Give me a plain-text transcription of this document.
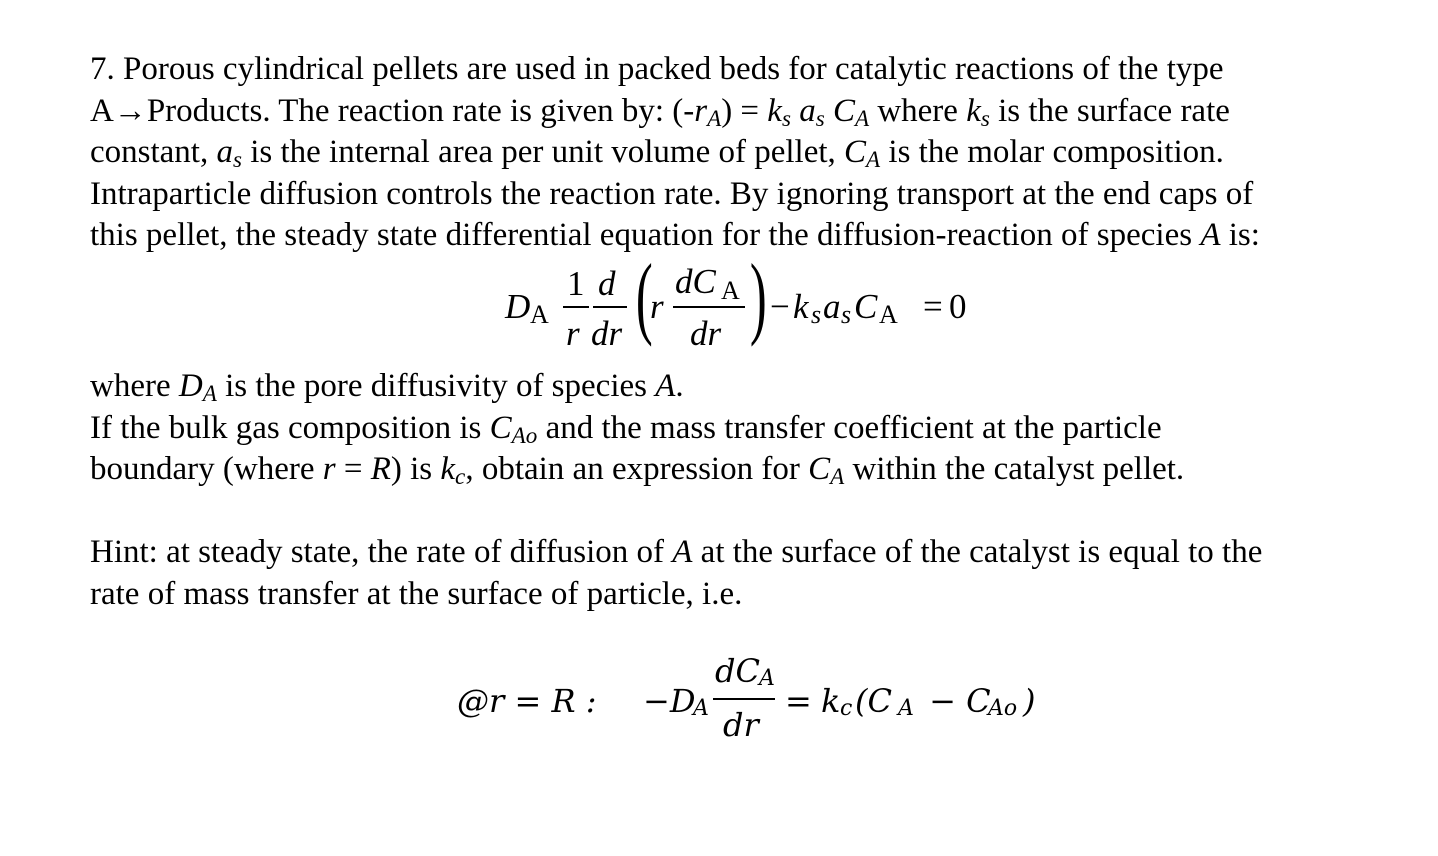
7. Porous cylindrical pellets are used in packed beds for catalytic reactions of the type
A→Products. The reaction rate is given by: $(-r_A) = k_s$ $a_s$ $C_A$ where $k_s$ is the surface rate
constant, $a_s$ is the internal area per unit volume of pellet, $C_A$ is the molar composition.
Intraparticle diffusion controls the reaction rate. By ignoring transport at the end caps of
this pellet, the steady state differential equation for the diffusion-reaction of species A is:

D A
1
r
d
dr (
r
dC A
dr ) − k s a s C A = 0

where $D_A$ is the pore diffusivity of species A.
If the bulk gas composition is $C_{Ao}$ and the mass transfer coefficient at the particle
boundary (where r = R) is $k_c$, obtain an expression for $C_A$ within the catalyst pellet.

Hint: at steady state, the rate of diffusion of A at the surface of the catalyst is equal to the
rate of mass transfer at the surface of particle, i.e.

@r = R : −D
A
dC A
dr
= k c (C A − C
Ao )
